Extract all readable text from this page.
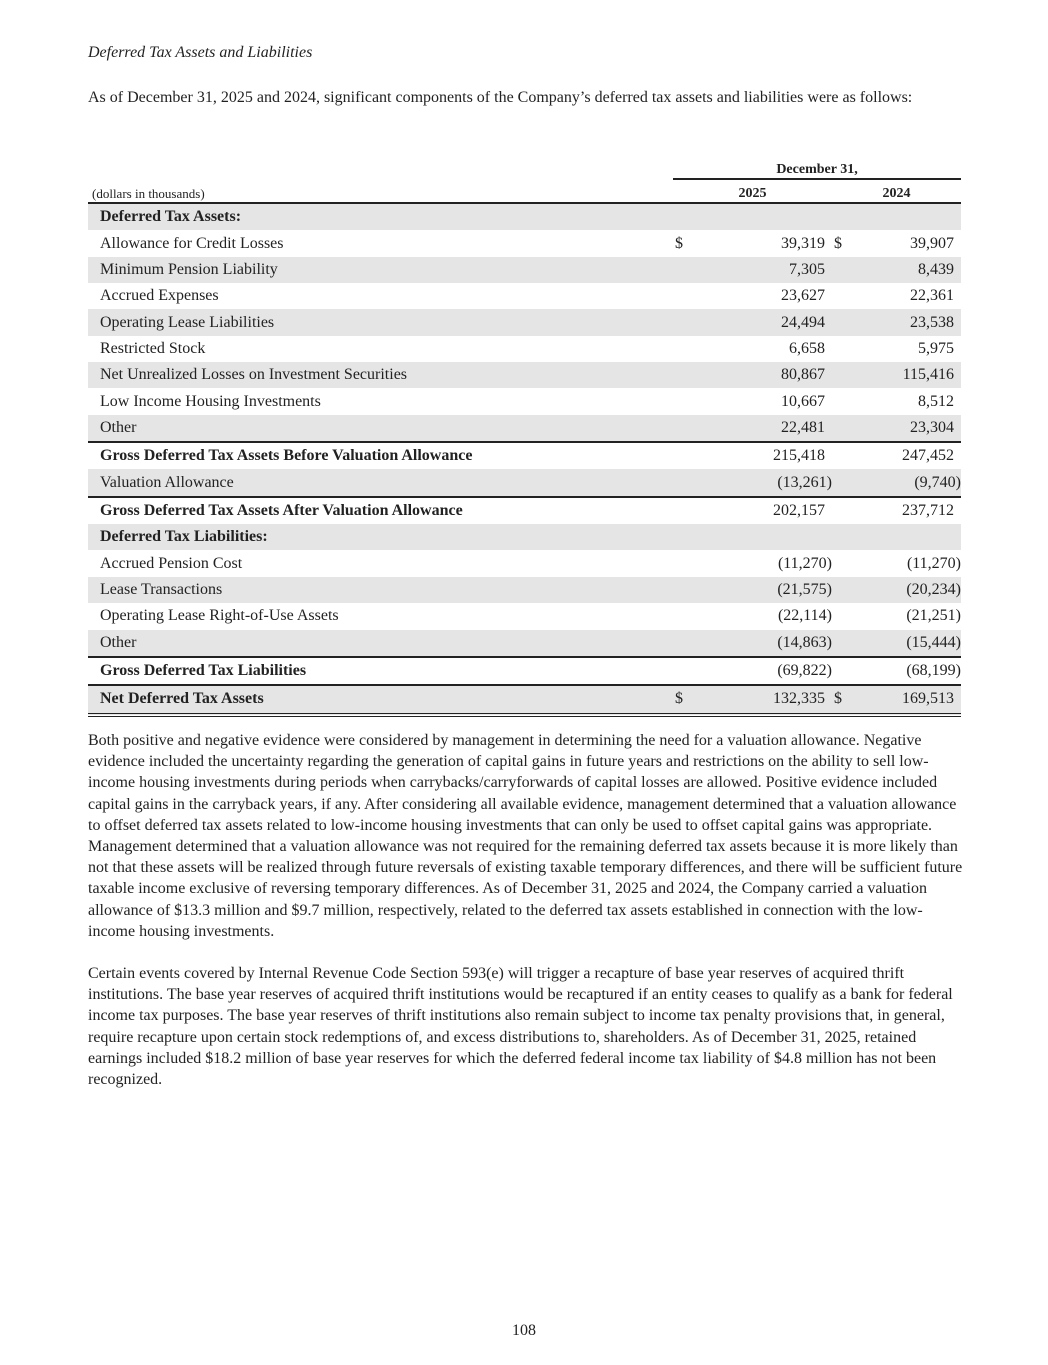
Deferred Tax Assets and Liabilities

As of December 31, 2025 and 2024, significant components of the Company’s deferred tax assets and liabilities were as follows:

	December 31,			
(dollars in thousands)	2025		2024	
Deferred Tax Assets:				
Allowance for Credit Losses	$	39,319	$	39,907
Minimum Pension Liability		7,305		8,439
Accrued Expenses		23,627		22,361
Operating Lease Liabilities		24,494		23,538
Restricted Stock		6,658		5,975
Net Unrealized Losses on Investment Securities		80,867		115,416
Low Income Housing Investments		10,667		8,512
Other		22,481		23,304
Gross Deferred Tax Assets Before Valuation Allowance		215,418		247,452
Valuation Allowance		(13,261)		(9,740)
Gross Deferred Tax Assets After Valuation Allowance		202,157		237,712
Deferred Tax Liabilities:				
Accrued Pension Cost		(11,270)		(11,270)
Lease Transactions		(21,575)		(20,234)
Operating Lease Right-of-Use Assets		(22,114)		(21,251)
Other		(14,863)		(15,444)
Gross Deferred Tax Liabilities		(69,822)		(68,199)
Net Deferred Tax Assets	$	132,335	$	169,513

Both positive and negative evidence were considered by management in determining the need for a valuation allowance. Negative evidence included the uncertainty regarding the generation of capital gains in future years and restrictions on the ability to sell low-income housing investments during periods when carrybacks/carryforwards of capital losses are allowed. Positive evidence included capital gains in the carryback years, if any. After considering all available evidence, management determined that a valuation allowance to offset deferred tax assets related to low-income housing investments that can only be used to offset capital gains was appropriate. Management determined that a valuation allowance was not required for the remaining deferred tax assets because it is more likely than not that these assets will be realized through future reversals of existing taxable temporary differences, and there will be sufficient future taxable income exclusive of reversing temporary differences. As of December 31, 2025 and 2024, the Company carried a valuation allowance of $13.3 million and $9.7 million, respectively, related to the deferred tax assets established in connection with the low-income housing investments.

Certain events covered by Internal Revenue Code Section 593(e) will trigger a recapture of base year reserves of acquired thrift institutions. The base year reserves of acquired thrift institutions would be recaptured if an entity ceases to qualify as a bank for federal income tax purposes. The base year reserves of thrift institutions also remain subject to income tax penalty provisions that, in general, require recapture upon certain stock redemptions of, and excess distributions to, shareholders. As of December 31, 2025, retained earnings included $18.2 million of base year reserves for which the deferred federal income tax liability of $4.8 million has not been recognized.

108
